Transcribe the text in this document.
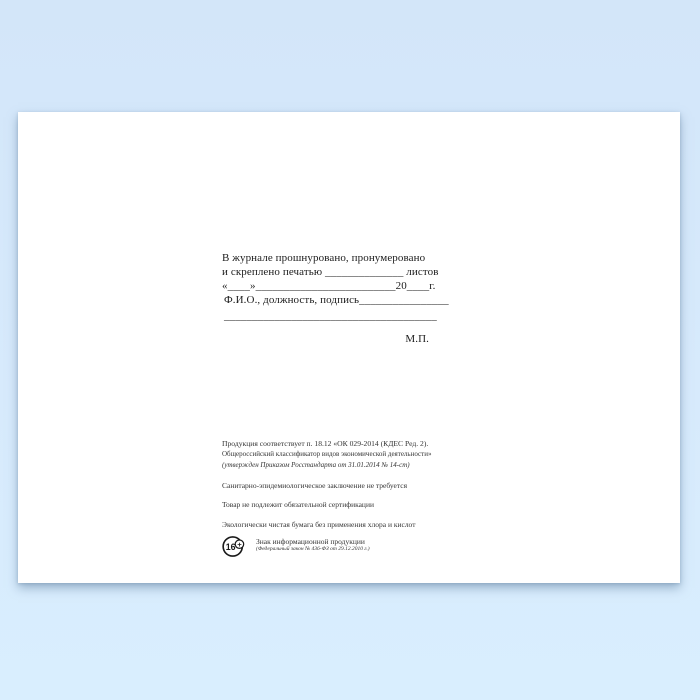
В журнале прошнуровано, пронумеровано
и скреплено печатью ______________ листов
«____»_________________________20____г.
Ф.И.О., должность, подпись________________
______________________________________
М.П.
Продукция соответствует п. 18.12 «ОК 029-2014 (КДЕС Ред. 2).
Общероссийский классификатор видов экономической деятельности»
(утвержден Приказом Росстандарта от 31.01.2014 № 14-ст)
Санитарно-эпидемиологическое заключение не требуется
Товар не подлежит обязательной сертификации
Экологически чистая бумага без применения хлора и кислот
16 + Знак информационной продукции
(Федеральный закон № 436-ФЗ от 29.12.2010 г.)
